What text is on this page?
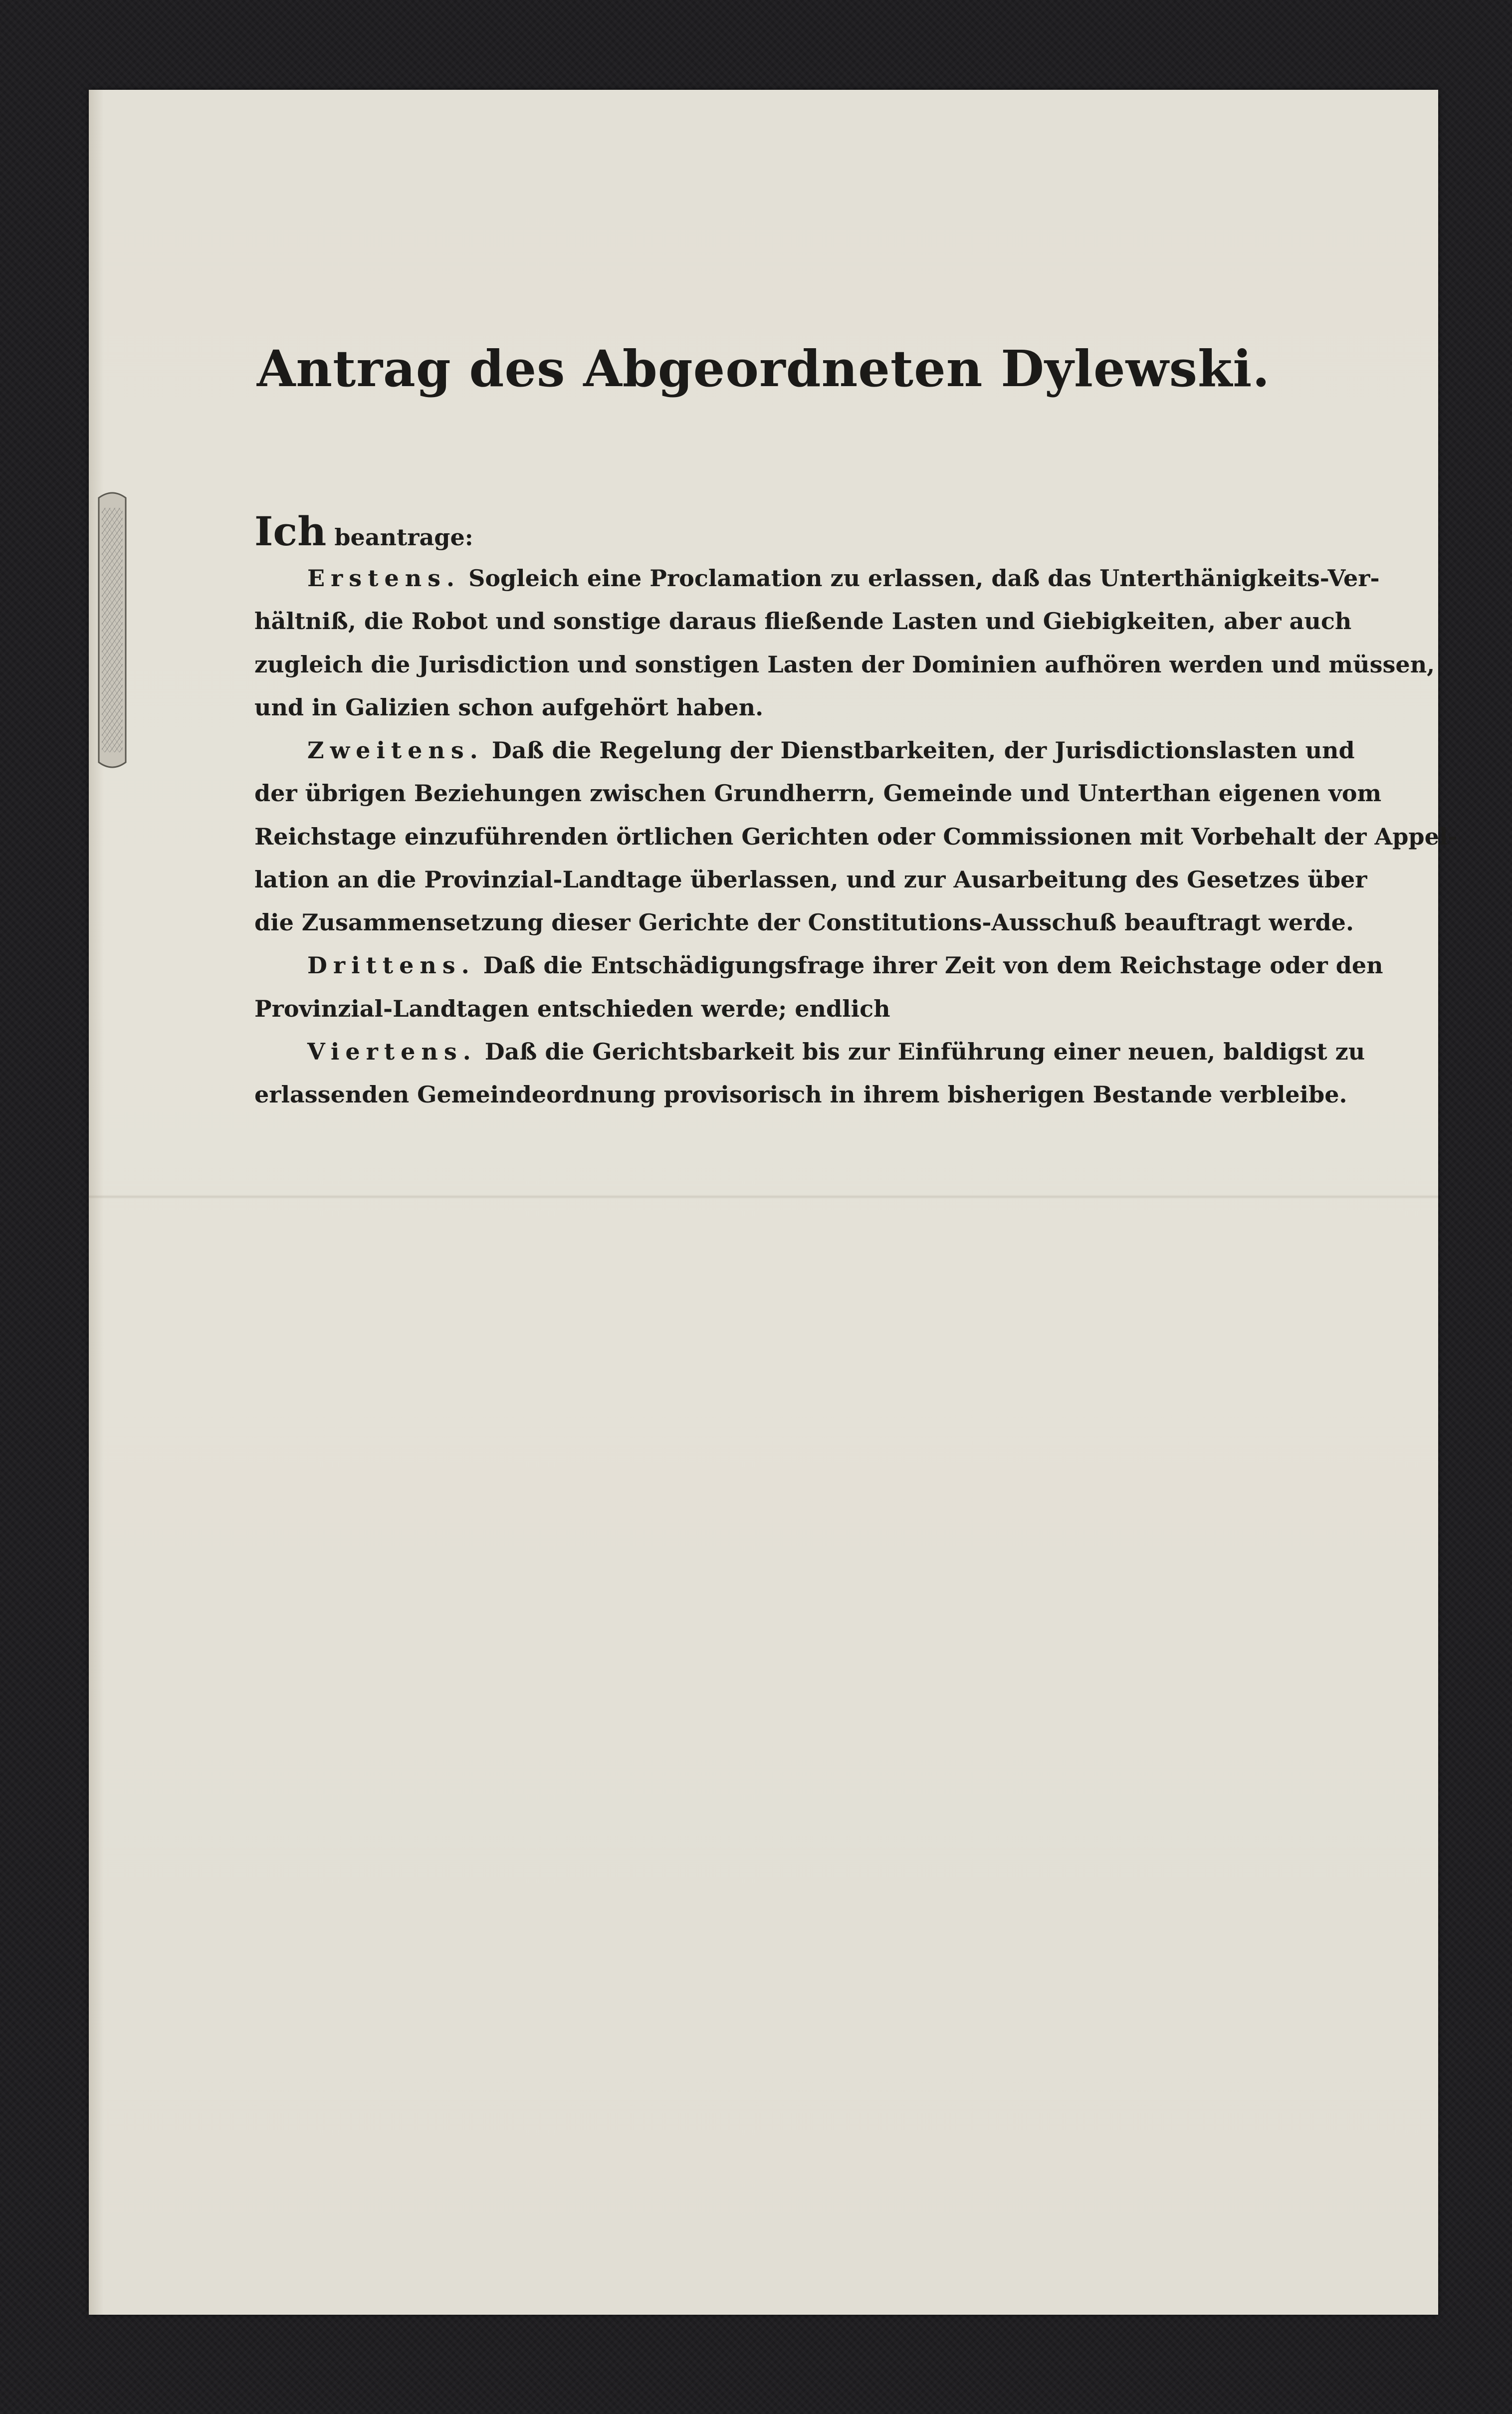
Antrag des Abgeordneten Dylewski.
Ich beantrage:
Erstens. Sogleich eine Proclamation zu erlassen, daß das Unterthänigkeits-Ver-
hältniß, die Robot und sonstige daraus fließende Lasten und Giebigkeiten, aber auch
zugleich die Jurisdiction und sonstigen Lasten der Dominien aufhören werden und müssen,
und in Galizien schon aufgehört haben.
Zweitens. Daß die Regelung der Dienstbarkeiten, der Jurisdictionslasten und
der übrigen Beziehungen zwischen Grundherrn, Gemeinde und Unterthan eigenen vom
Reichstage einzuführenden örtlichen Gerichten oder Commissionen mit Vorbehalt der Appel-
lation an die Provinzial-Landtage überlassen, und zur Ausarbeitung des Gesetzes über
die Zusammensetzung dieser Gerichte der Constitutions-Ausschuß beauftragt werde.
Drittens. Daß die Entschädigungsfrage ihrer Zeit von dem Reichstage oder den
Provinzial-Landtagen entschieden werde; endlich
Viertens. Daß die Gerichtsbarkeit bis zur Einführung einer neuen, baldigst zu
erlassenden Gemeindeordnung provisorisch in ihrem bisherigen Bestande verbleibe.
